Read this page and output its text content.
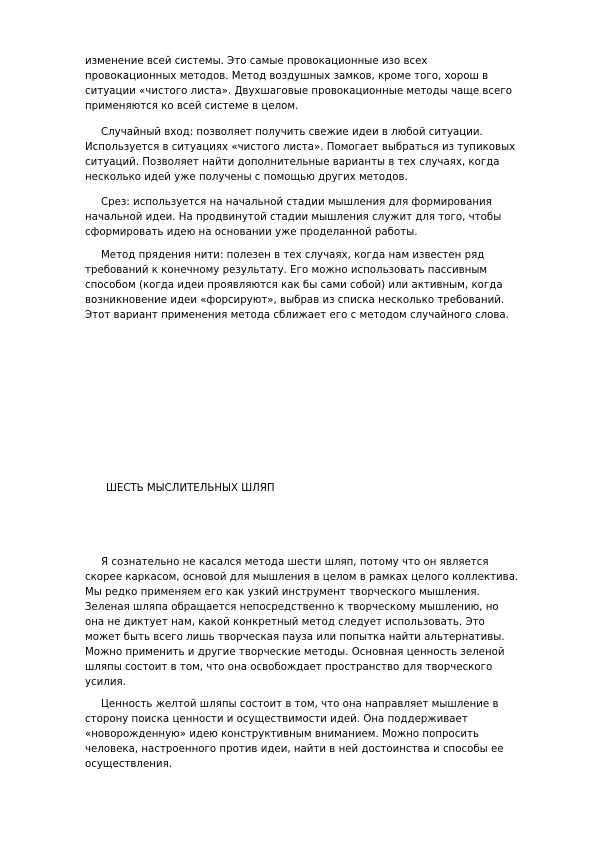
изменение всей системы. Это самые провокационные изо всех
провокационных методов. Метод воздушных замков, кроме того, хорош в
ситуации «чистого листа». Двухшаговые провокационные методы чаще всего
применяются ко всей системе в целом.
Случайный вход: позволяет получить свежие идеи в любой ситуации.
Используется в ситуациях «чистого листа». Помогает выбраться из тупиковых
ситуаций. Позволяет найти дополнительные варианты в тех случаях, когда
несколько идей уже получены с помощью других методов.
Срез: используется на начальной стадии мышления для формирования
начальной идеи. На продвинутой стадии мышления служит для того, чтобы
сформировать идею на основании уже проделанной работы.
Метод прядения нити: полезен в тех случаях, когда нам известен ряд
требований к конечному результату. Его можно использовать пассивным
способом (когда идеи проявляются как бы сами собой) или активным, когда
возникновение идеи «форсируют», выбрав из списка несколько требований.
Этот вариант применения метода сближает его с методом случайного слова.
ШЕСТЬ МЫСЛИТЕЛЬНЫХ ШЛЯП
Я сознательно не касался метода шести шляп, потому что он является
скорее каркасом, основой для мышления в целом в рамках целого коллектива.
Мы редко применяем его как узкий инструмент творческого мышления.
Зеленая шляпа обращается непосредственно к творческому мышлению, но
она не диктует нам, какой конкретный метод следует использовать. Это
может быть всего лишь творческая пауза или попытка найти альтернативы.
Можно применить и другие творческие методы. Основная ценность зеленой
шляпы состоит в том, что она освобождает пространство для творческого
усилия.
Ценность желтой шляпы состоит в том, что она направляет мышление в
сторону поиска ценности и осуществимости идей. Она поддерживает
«новорожденную» идею конструктивным вниманием. Можно попросить
человека, настроенного против идеи, найти в ней достоинства и способы ее
осуществления.
